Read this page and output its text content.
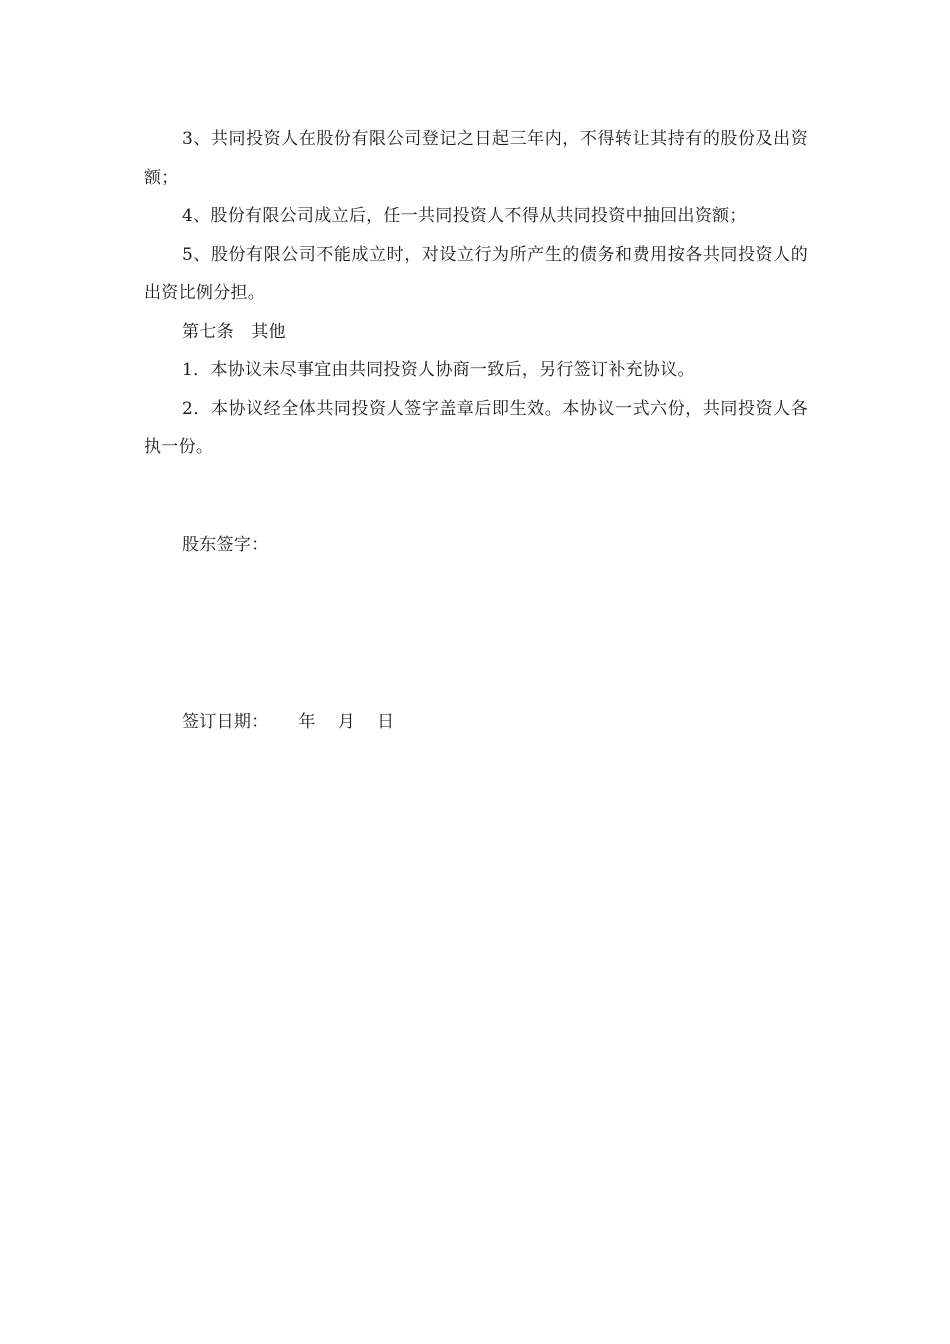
3、共同投资人在股份有限公司登记之日起三年内，不得转让其持有的股份及出资额；

4、股份有限公司成立后，任一共同投资人不得从共同投资中抽回出资额；

5、股份有限公司不能成立时，对设立行为所产生的债务和费用按各共同投资人的出资比例分担。

第七条　其他

1．本协议未尽事宜由共同投资人协商一致后，另行签订补充协议。

2．本协议经全体共同投资人签字盖章后即生效。本协议一式六份，共同投资人各执一份。

股东签字：
签订日期： 年 月 日
